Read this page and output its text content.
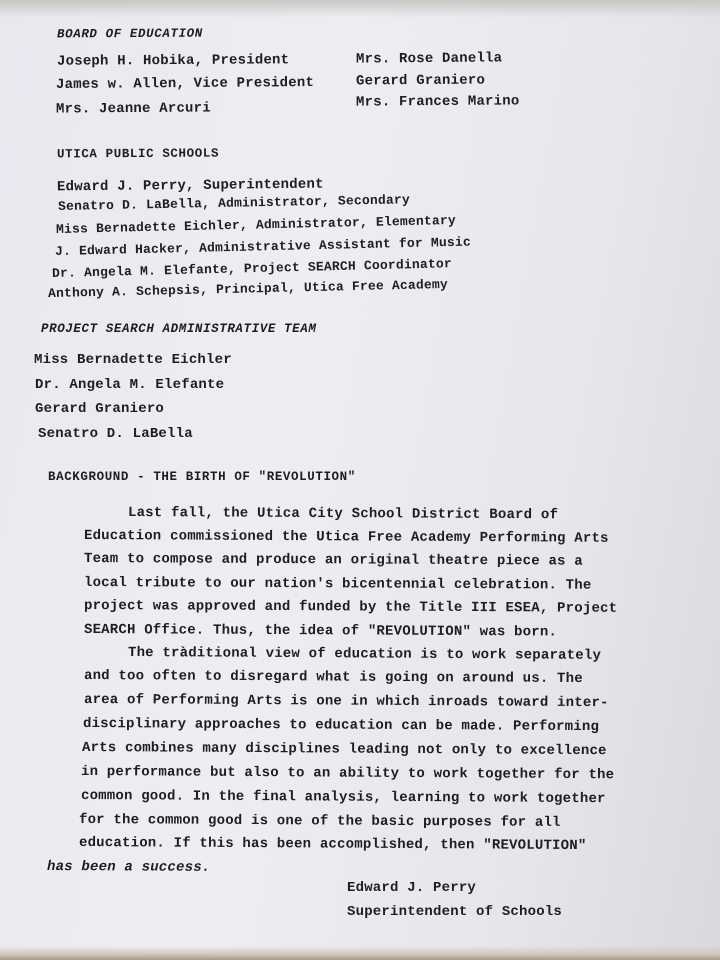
BOARD OF EDUCATION
Joseph H. Hobika, President
James w. Allen, Vice President
Mrs. Jeanne Arcuri
Mrs. Rose Danella
Gerard Graniero
Mrs. Frances Marino
UTICA PUBLIC SCHOOLS
Edward J. Perry, Superintendent
Senatro D. LaBella, Administrator, Secondary
Miss Bernadette Eichler, Administrator, Elementary
J. Edward Hacker, Administrative Assistant for Music
Dr. Angela M. Elefante, Project SEARCH Coordinator
Anthony A. Schepsis, Principal, Utica Free Academy
PROJECT SEARCH ADMINISTRATIVE TEAM
Miss Bernadette Eichler
Dr. Angela M. Elefante
Gerard Graniero
Senatro D. LaBella
BACKGROUND - THE BIRTH OF "REVOLUTION"
Last fall, the Utica City School District Board of
Education commissioned the Utica Free Academy Performing Arts
Team to compose and produce an original theatre piece as a
local tribute to our nation's bicentennial celebration. The
project was approved and funded by the Title III ESEA, Project
SEARCH Office. Thus, the idea of "REVOLUTION" was born.
The tràditional view of education is to work separately
and too often to disregard what is going on around us. The
area of Performing Arts is one in which inroads toward inter-
disciplinary approaches to education can be made. Performing
Arts combines many disciplines leading not only to excellence
in performance but also to an ability to work together for the
common good. In the final analysis, learning to work together
for the common good is one of the basic purposes for all
education. If this has been accomplished, then "REVOLUTION"
has been a success.
Edward J. Perry
Superintendent of Schools
